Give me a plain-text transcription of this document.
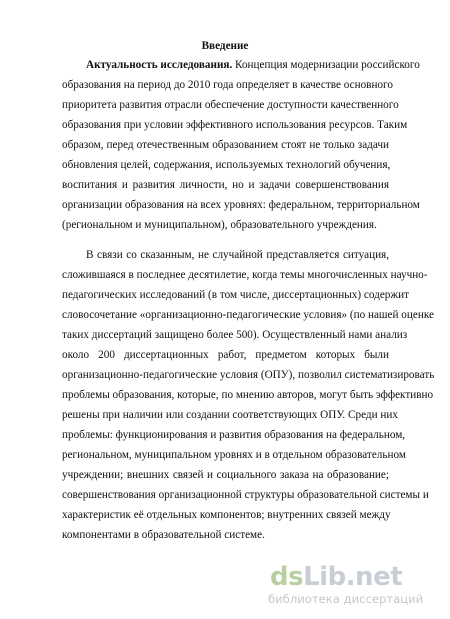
Введение
Актуальность исследования. Концепция модернизации российского
образования на период до 2010 года определяет в качестве основного
приоритета развития отрасли обеспечение доступности качественного
образования при условии эффективного использования ресурсов. Таким
образом, перед отечественным образованием стоят не только задачи
обновления целей, содержания, используемых технологий обучения,
воспитания и развития личности, но и задачи совершенствования
организации образования на всех уровнях: федеральном, территориальном
(региональном и муниципальном), образовательного учреждения.
В связи со сказанным, не случайной представляется ситуация,
сложившаяся в последнее десятилетие, когда темы многочисленных научно-
педагогических исследований (в том числе, диссертационных) содержит
словосочетание «организационно-педагогические условия» (по нашей оценке
таких диссертаций защищено более 500). Осуществленный нами анализ
около 200 диссертационных работ, предметом которых были
организационно-педагогические условия (ОПУ), позволил систематизировать
проблемы образования, которые, по мнению авторов, могут быть эффективно
решены при наличии или создании соответствующих ОПУ. Среди них
проблемы: функционирования и развития образования на федеральном,
региональном, муниципальном уровнях и в отдельном образовательном
учреждении; внешних связей и социального заказа на образование;
совершенствования организационной структуры образовательной системы и
характеристик её отдельных компонентов; внутренних связей между
компонентами в образовательной системе.
dsLib.net
библиотека диссертаций
